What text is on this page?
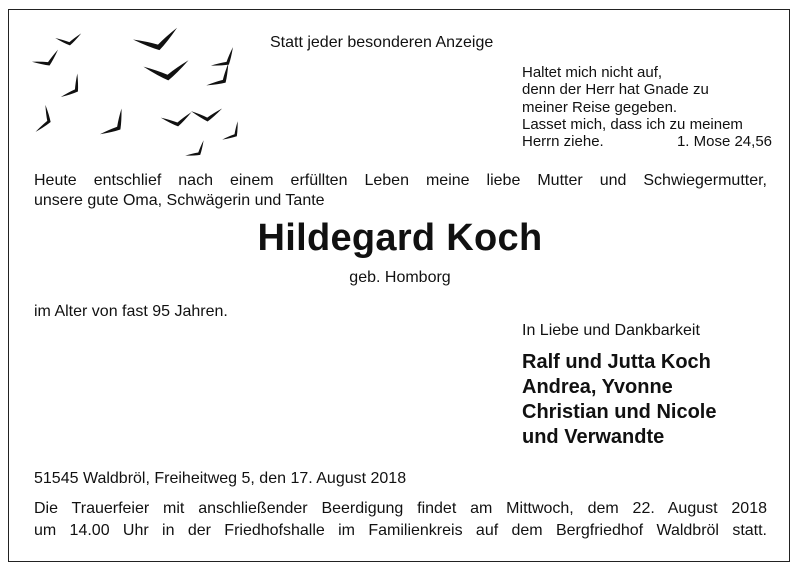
Statt jeder besonderen Anzeige
Haltet mich nicht auf,
denn der Herr hat Gnade zu
meiner Reise gegeben.
Lasset mich, dass ich zu meinem
Herrn ziehe.	1. Mose 24,56
Heute entschlief nach einem erfüllten Leben meine liebe Mutter und Schwiegermutter,
unsere gute Oma, Schwägerin und Tante
Hildegard Koch
geb. Homborg
im Alter von fast 95 Jahren.
In Liebe und Dankbarkeit
Ralf und Jutta Koch
Andrea, Yvonne
Christian und Nicole
und Verwandte
51545 Waldbröl, Freiheitweg 5, den 17. August 2018
Die Trauerfeier mit anschließender Beerdigung findet am Mittwoch, dem 22. August 2018
um 14.00 Uhr in der Friedhofshalle im Familienkreis auf dem Bergfriedhof Waldbröl statt.
